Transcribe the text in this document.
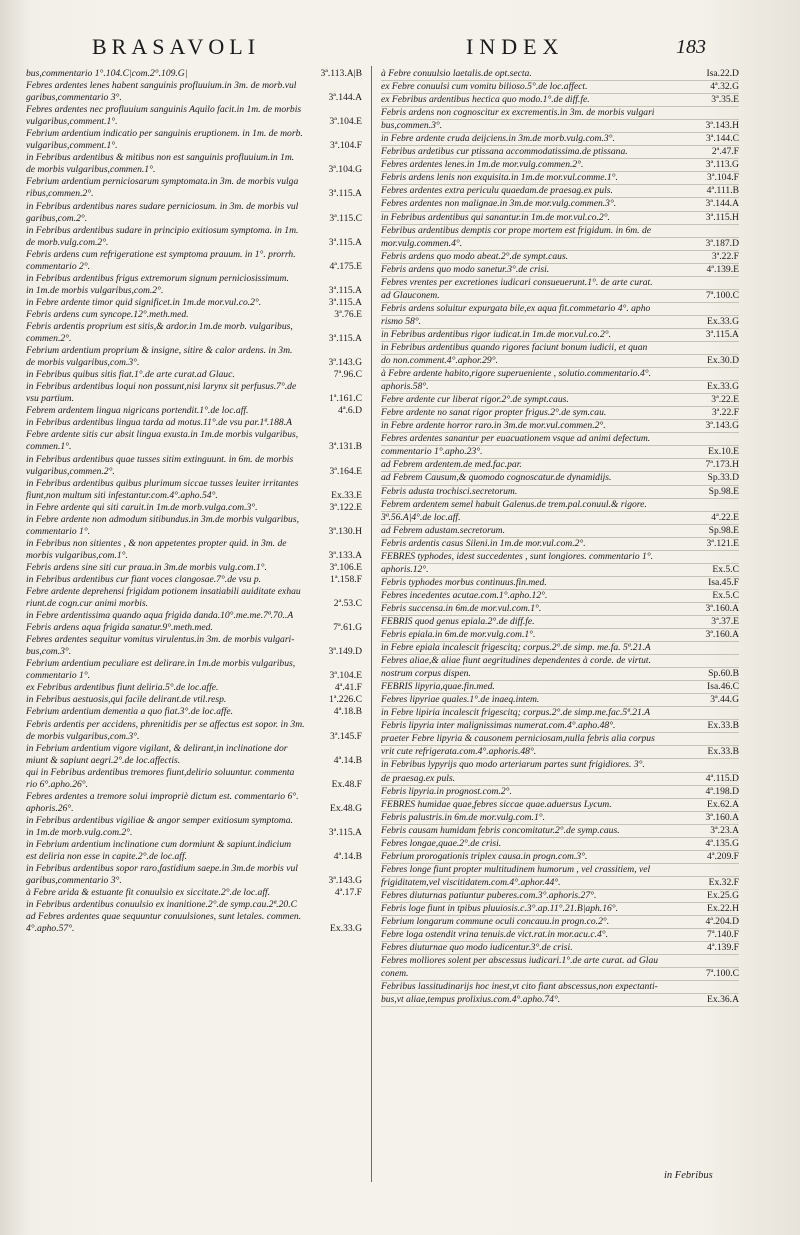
BRASAVOLI	INDEX	183
bus,commentario 1°.104.C|com.2°.109.G|	3ª.113.A|B
Febres ardentes lenes habent sanguinis profluuium.in 3m. de morb.vul
garibus,commentario 3°.	3ª.144.A
Febres ardentes nec profluuium sanguinis Aquilo facit.in 1m. de morbis
vulgaribus,comment.1°.	3ª.104.E
Febrium ardentium indicatio per sanguinis eruptionem. in 1m. de morb.
vulgaribus,comment.1°.	3ª.104.F
in Febribus ardentibus & mitibus non est sanguinis profluuium.in 1m.
de morbis vulgaribus,commen.1°.	3ª.104.G
Febrium ardentium perniciosarum symptomata.in 3m. de morbis vulga
ribus,commen.2°.	3ª.115.A
in Febribus ardentibus nares sudare perniciosum. in 3m. de morbis vul
garibus,com.2°.	3ª.115.C
in Febribus ardentibus sudare in principio exitiosum symptoma. in 1m.
de morb.vulg.com.2°.	3ª.115.A
Febris ardens cum refrigeratione est symptoma prauum. in 1°. prorrh.
commentario 2°.	4ª.175.E
in Febribus ardentibus frigus extremorum signum perniciosissimum.
in 1m.de morbis vulgaribus,com.2°.	3ª.115.A
in Febre ardente timor quid significet.in 1m.de mor.vul.co.2°.	3ª.115.A
Febris ardens cum syncope.12°.meth.med.	3ª.76.E
Febris ardentis proprium est sitis,& ardor.in 1m.de morb. vulgaribus,
commen.2°.	3ª.115.A
Febrium ardentium proprium & insigne, sitire & calor ardens. in 3m.
de morbis vulgaribus,com.3°.	3ª.143.G
in Febribus quibus sitis fiat.1°.de arte curat.ad Glauc.	7ª.96.C
in Febribus ardentibus loqui non possunt,nisi larynx sit perfusus.7°.de
vsu partium.	1ª.161.C
Febrem ardentem lingua nigricans portendit.1°.de loc.aff.	4ª.6.D
in Febribus ardentibus lingua tarda ad motus.11°.de vsu par.1ª.188.A
Febre ardente sitis cur absit lingua exusta.in 1m.de morbis vulgaribus,
commen.1°.	3ª.131.B
in Febribus ardentibus quae tusses sitim extinguunt. in 6m. de morbis
vulgaribus,commen.2°.	3ª.164.E
in Febribus ardentibus quibus plurimum siccae tusses leuiter irritantes
fiunt,non multum siti infestantur.com.4°.apho.54°.	Ex.33.E
in Febre ardente qui siti caruit.in 1m.de morb.vulga.com.3°.	3ª.122.E
in Febre ardente non admodum sitibundus.in 3m.de morbis vulgaribus,
commentario 1°.	3ª.130.H
in Febribus non sitientes , & non appetentes propter quid. in 3m. de
morbis vulgaribus,com.1°.	3ª.133.A
Febris ardens sine siti cur praua.in 3m.de morbis vulg.com.1°.	3ª.106.E
in Febribus ardentibus cur fiant voces clangosae.7°.de vsu p.	1ª.158.F
Febre ardente deprehensi frigidam potionem insatiabili auiditate exhau
riunt.de cogn.cur animi morbis.	2ª.53.C
in Febre ardentissima quando aqua frigida danda.10°.me.me.7ª.70..A
Febris ardens aqua frigida sanatur.9°.meth.med.	7ª.61.G
Febres ardentes sequitur vomitus virulentus.in 3m. de morbis vulgari-
bus,com.3°.	3ª.149.D
Febrium ardentium peculiare est delirare.in 1m.de morbis vulgaribus,
commentario 1°.	3ª.104.E
ex Febribus ardentibus fiunt deliria.5°.de loc.affe.	4ª.41.F
in Febribus aestuosis,qui facile delirant.de vtil.resp.	1ª.226.C
Febrium ardentium dementia a quo fiat.3°.de loc.affe.	4ª.18.B
Febris ardentis per accidens, phrenitidis per se affectus est sopor. in 3m.
de morbis vulgaribus,com.3°.	3ª.145.F
in Febrium ardentium vigore vigilant, & delirant,in inclinatione dor
miunt & sapiunt aegri.2°.de loc.affectis.	4ª.14.B
qui in Febribus ardentibus tremores fiunt,delirio soluuntur. commenta
rio 6°.apho.26°.	Ex.48.F
Febres ardentes a tremore solui impropriè dictum est. commentario 6°.
aphoris.26°.	Ex.48.G
in Febribus ardentibus vigiliae & angor semper exitiosum symptoma.
in 1m.de morb.vulg.com.2°.	3ª.115.A
in Febrium ardentium inclinatione cum dormiunt & sapiunt.indicium
est deliria non esse in capite.2°.de loc.aff.	4ª.14.B
in Febribus ardentibus sopor raro,fastidium saepe.in 3m.de morbis vul
garibus,commentario 3°.	3ª.143.G
à Febre arida & estuante fit conuulsio ex siccitate.2°.de loc.aff.	4ª.17.F
in Febribus ardentibus conuulsio ex inanitione.2°.de symp.cau.2ª.20.C
ad Febres ardentes quae sequuntur conuulsiones, sunt letales. commen.
4°.apho.57°.	Ex.33.G
à Febre conuulsio laetalis.de opt.secta.	Isa.22.D
ex Febre conuulsi cum vomitu bilioso.5°.de loc.affect.	4ª.32.G
ex Febribus ardentibus hectica quo modo.1°.de diff.fe.	3ª.35.E
Febris ardens non cognoscitur ex excrementis.in 3m. de morbis vulgari
bus,commen.3°.	3ª.143.H
in Febre ardente cruda deijciens.in 3m.de morb.vulg.com.3°.	3ª.144.C
Febribus ardetibus cur ptissana accommodatissima.de ptissana.	2ª.47.F
Febres ardentes lenes.in 1m.de mor.vulg.commen.2°.	3ª.113.G
Febris ardens lenis non exquisita.in 1m.de mor.vul.comme.1°.	3ª.104.F
Febres ardentes extra periculu quaedam.de praesag.ex puls.	4ª.111.B
Febres ardentes non malignae.in 3m.de mor.vulg.commen.3°.	3ª.144.A
in Febribus ardentibus qui sanantur.in 1m.de mor.vul.co.2°.	3ª.115.H
Febribus ardentibus demptis cor prope mortem est frigidum. in 6m. de
mor.vulg.commen.4°.	3ª.187.D
Febris ardens quo modo abeat.2°.de sympt.caus.	3ª.22.F
Febris ardens quo modo sanetur.3°.de crisi.	4ª.139.E
Febres vrentes per excretiones iudicari consueuerunt.1°. de arte curat.
ad Glauconem.	7ª.100.C
Febris ardens soluitur expurgata bile,ex aqua fit.commetario 4°. apho
rismo 58°.	Ex.33.G
in Febribus ardentibus rigor iudicat.in 1m.de mor.vul.co.2°.	3ª.115.A
in Febribus ardentibus quando rigores faciunt bonum iudicii, et quan
do non.comment.4°.aphor.29°.	Ex.30.D
à Febre ardente habito,rigore superueniente , solutio.commentario.4°.
aphoris.58°.	Ex.33.G
Febre ardente cur liberat rigor.2°.de sympt.caus.	3ª.22.E
Febre ardente no sanat rigor propter frigus.2°.de sym.cau.	3ª.22.F
in Febre ardente horror raro.in 3m.de mor.vul.commen.2°.	3ª.143.G
Febres ardentes sanantur per euacuationem vsque ad animi defectum.
commentario 1°.apho.23°.	Ex.10.E
ad Febrem ardentem.de med.fac.par.	7ª.173.H
ad Febrem Causum,& quomodo cognoscatur.de dynamidijs.	Sp.33.D
Febris adusta trochisci.secretorum.	Sp.98.E
Febrem ardentem semel habuit Galenus.de trem.pal.conuul.& rigore.
3ª.56.A|4°.de loc.aff.	4ª.22.E
ad Febrem adustam.secretorum.	Sp.98.E
Febris ardentis casus Sileni.in 1m.de mor.vul.com.2°.	3ª.121.E
FEBRES typhodes, idest succedentes , sunt longiores. commentario 1°.
aphoris.12°.	Ex.5.C
Febris typhodes morbus continuus.fin.med.	Isa.45.F
Febres incedentes acutae.com.1°.apho.12°.	Ex.5.C
Febris succensa.in 6m.de mor.vul.com.1°.	3ª.160.A
FEBRIS quod genus epiala.2°.de diff.fe.	3ª.37.E
Febris epiala.in 6m.de mor.vulg.com.1°.	3ª.160.A
in Febre epiala incalescit frigescitq; corpus.2°.de simp. me.fa. 5ª.21.A
Febres aliae,& aliae fiunt aegritudines dependentes à corde. de virtut.
nostrum corpus dispen.	Sp.60.B
FEBRIS lipyria,quae.fin.med.	Isa.46.C
Febres lipyriae quales.1°.de inaeq.intem.	3ª.44.G
in Febre lipiria incalescit frigescitq; corpus.2°.de simp.me.fac.5ª.21.A
Febris lipyria inter malignissimas numerat.com.4°.apho.48°.	Ex.33.B
praeter Febre lipyria & causonem perniciosam,nulla febris alia corpus
vrit cute refrigerata.com.4°.aphoris.48°.	Ex.33.B
in Febribus lypyrijs quo modo arteriarum partes sunt frigidiores. 3°.
de praesag.ex puls.	4ª.115.D
Febris lipyria.in prognost.com.2°.	4ª.198.D
FEBRES humidae quae,febres siccae quae.aduersus Lycum.	Ex.62.A
Febris palustris.in 6m.de mor.vulg.com.1°.	3ª.160.A
Febris causam humidam febris concomitatur.2°.de symp.caus.	3ª.23.A
Febres longae,quae.2°.de crisi.	4ª.135.G
Febrium prorogationis triplex causa.in progn.com.3°.	4ª.209.F
Febres longe fiunt propter multitudinem humorum , vel crassitiem, vel
frigiditatem,vel viscitidatem.com.4°.aphor.44°.	Ex.32.F
Febres diuturnas patiuntur puberes.com.3°.aphoris.27°.	Ex.25.G
Febris loge fiunt in tpibus pluuiosis.c.3°.ap.11°.21.B|aph.16°.	Ex.22.H
Febrium longarum commune oculi concauu.in progn.co.2°.	4ª.204.D
Febre loga ostendit vrina tenuis.de vict.rat.in mor.acu.c.4°.	7ª.140.F
Febres diuturnae quo modo iudicentur.3°.de crisi.	4ª.139.F
Febres molliores solent per abscessus iudicari.1°.de arte curat. ad Glau
conem.	7ª.100.C
Febribus lassitudinarijs hoc inest,vt cito fiant abscessus,non expectanti-
bus,vt aliae,tempus prolixius.com.4°.apho.74°.	Ex.36.A
in Febribus
